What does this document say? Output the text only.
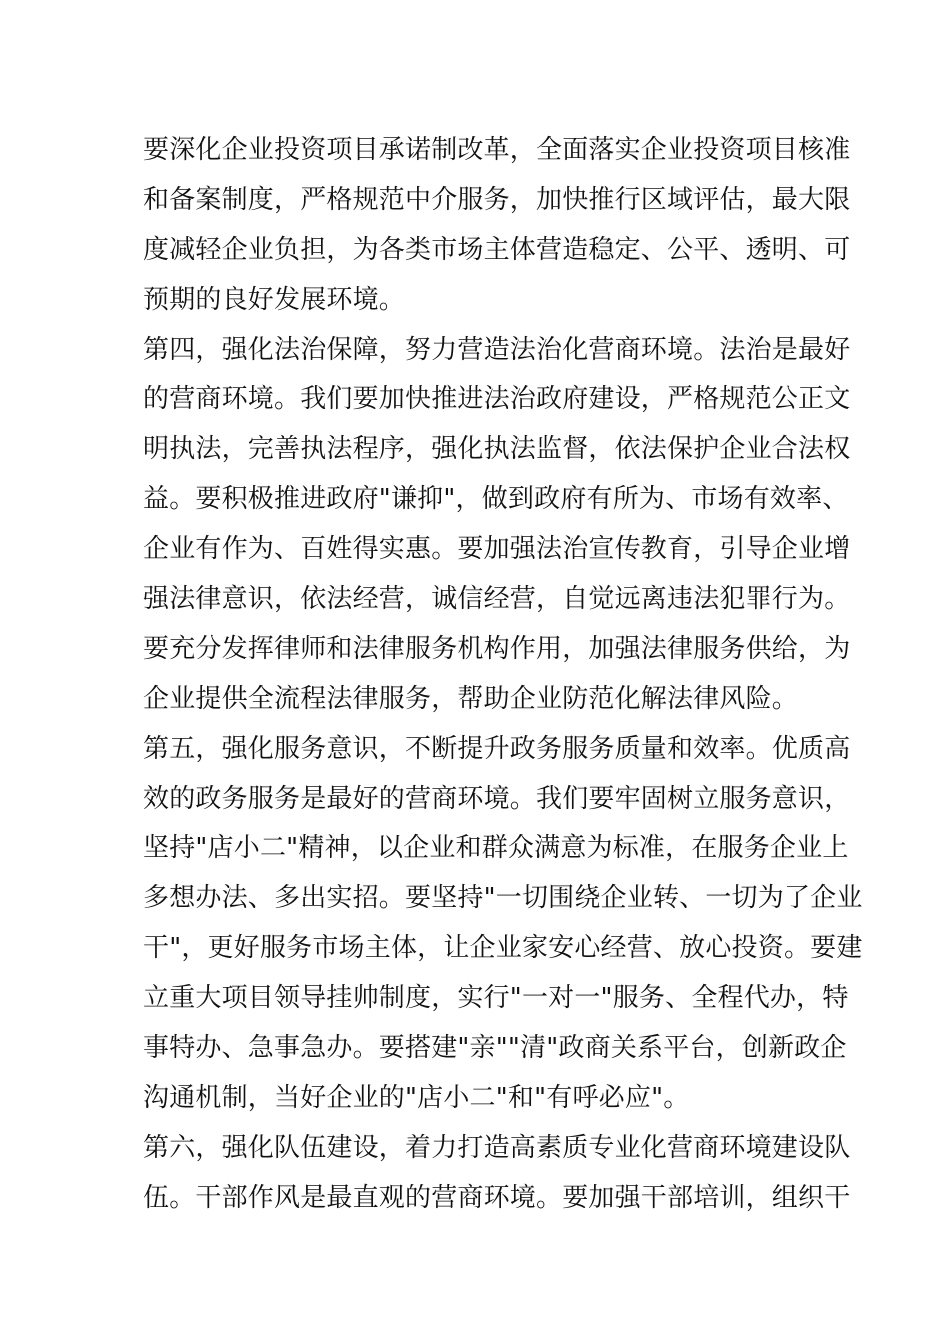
要深化企业投资项目承诺制改革，全面落实企业投资项目核准
和备案制度，严格规范中介服务，加快推行区域评估，最大限
度减轻企业负担，为各类市场主体营造稳定、公平、透明、可
预期的良好发展环境。
第四，强化法治保障，努力营造法治化营商环境。法治是最好
的营商环境。我们要加快推进法治政府建设，严格规范公正文
明执法，完善执法程序，强化执法监督，依法保护企业合法权
益。要积极推进政府"谦抑"，做到政府有所为、市场有效率、
企业有作为、百姓得实惠。要加强法治宣传教育，引导企业增
强法律意识，依法经营，诚信经营，自觉远离违法犯罪行为。
要充分发挥律师和法律服务机构作用，加强法律服务供给，为
企业提供全流程法律服务，帮助企业防范化解法律风险。
第五，强化服务意识，不断提升政务服务质量和效率。优质高
效的政务服务是最好的营商环境。我们要牢固树立服务意识，
坚持"店小二"精神，以企业和群众满意为标准，在服务企业上
多想办法、多出实招。要坚持"一切围绕企业转、一切为了企业
干"，更好服务市场主体，让企业家安心经营、放心投资。要建
立重大项目领导挂帅制度，实行"一对一"服务、全程代办，特
事特办、急事急办。要搭建"亲""清"政商关系平台，创新政企
沟通机制，当好企业的"店小二"和"有呼必应"。
第六，强化队伍建设，着力打造高素质专业化营商环境建设队
伍。干部作风是最直观的营商环境。要加强干部培训，组织干
